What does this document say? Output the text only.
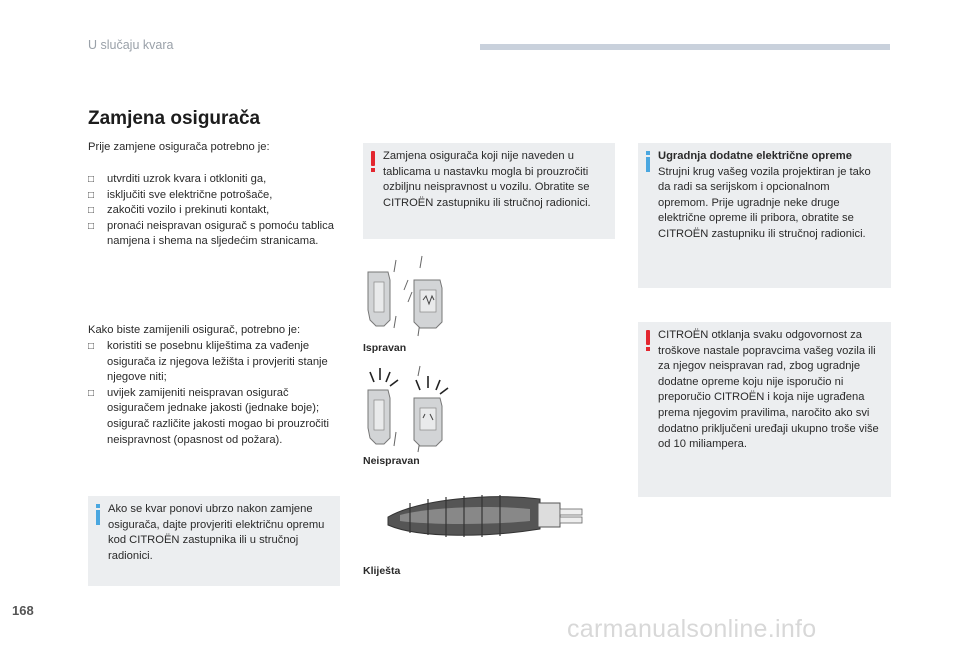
U slučaju kvara
Zamjena osigurača
Prije zamjene osigurača potrebno je:
□ utvrditi uzrok kvara i otkloniti ga,
□ isključiti sve električne potrošače,
□ zakočiti vozilo i prekinuti kontakt,
□ pronaći neispravan osigurač s pomoću tablica namjena i shema na sljedećim stranicama.
Kako biste zamijenili osigurač, potrebno je:
□ koristiti se posebnu kliještima za vađenje osigurača iz njegova ležišta i provjeriti stanje njegove niti;
□ uvijek zamijeniti neispravan osigurač osiguračem jednake jakosti (jednake boje); osigurač različite jakosti mogao bi prouzročiti neispravnost (opasnost od požara).
Ako se kvar ponovi ubrzo nakon zamjene osigurača, dajte provjeriti električnu opremu kod CITROËN zastupnika ili u stručnoj radionici.
Zamjena osigurača koji nije naveden u tablicama u nastavku mogla bi prouzročiti ozbiljnu neispravnost u vozilu. Obratite se CITROËN zastupniku ili stručnoj radionici.
Ispravan
Neispravan
Kliješta
Ugradnja dodatne električne opreme
Strujni krug vašeg vozila projektiran je tako da radi sa serijskom i opcionalnom opremom. Prije ugradnje neke druge električne opreme ili pribora, obratite se CITROËN zastupniku ili stručnoj radionici.
CITROËN otklanja svaku odgovornost za troškove nastale popravcima vašeg vozila ili za njegov neispravan rad, zbog ugradnje dodatne opreme koju nije isporučio ni preporučio CITROËN i koja nije ugrađena prema njegovim pravilima, naročito ako svi dodatno priključeni uređaji ukupno troše više od 10 miliampera.
168
carmanualsonline.info
